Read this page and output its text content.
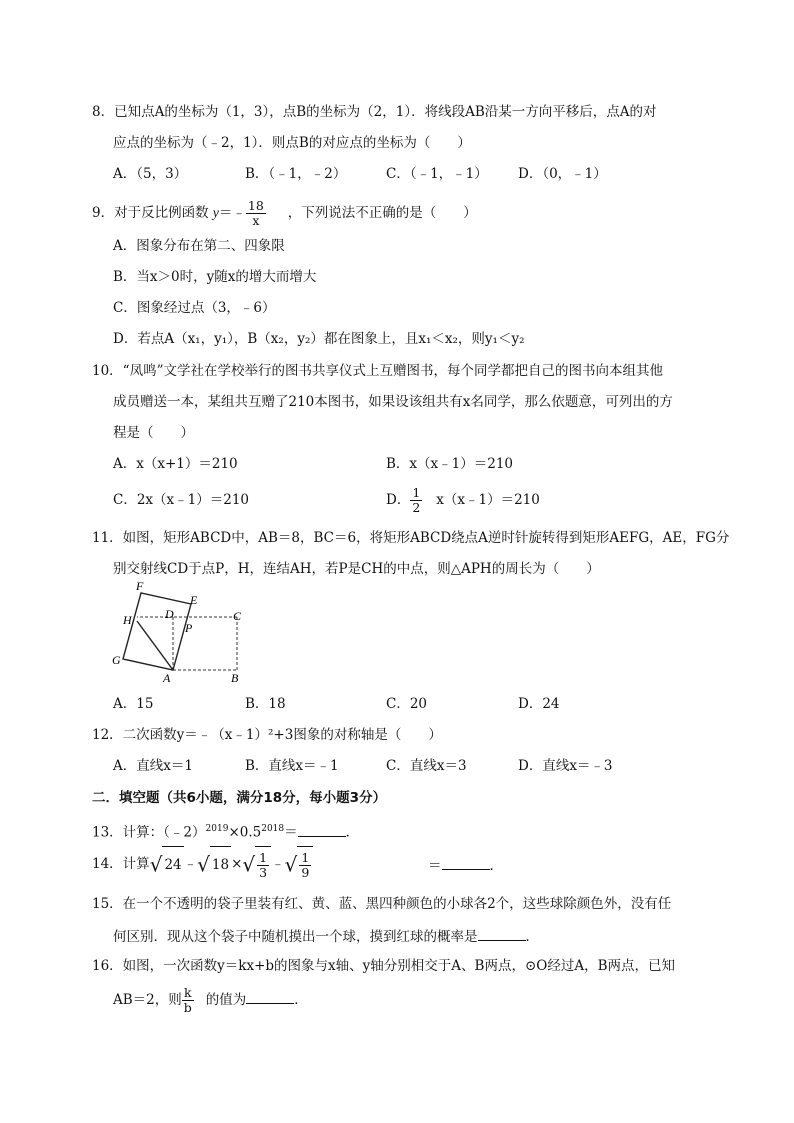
8．已知点A的坐标为（1，3），点B的坐标为（2，1）．将线段AB沿某一方向平移后，点A的对
应点的坐标为（﹣2，1）．则点B的对应点的坐标为（　　）
A．（5，3）	B．（﹣1，﹣2）	C．（﹣1，﹣1） D．（0，﹣1）
9．对于反比例函数 y＝﹣ $\frac{18}{x}$ ，下列说法不正确的是（　　）
A．图象分布在第二、四象限
B．当x＞0时，y随x的增大而增大
C．图象经过点（3，﹣6）
D．若点A（x₁，y₁），B（x₂，y₂）都在图象上，且x₁＜x₂，则y₁＜y₂
10．“凤鸣”文学社在学校举行的图书共享仪式上互赠图书，每个同学都把自己的图书向本组其他
成员赠送一本，某组共互赠了210本图书，如果设该组共有x名同学，那么依题意，可列出的方
程是（　　）
A．x（x+1）＝210	B．x（x﹣1）＝210
C．2x（x﹣1）＝210	D． $\frac{1}{2}$ x（x﹣1）＝210
11．如图，矩形ABCD中，AB＝8，BC＝6，将矩形ABCD绕点A逆时针旋转得到矩形AEFG，AE，FG分
别交射线CD于点P，H，连结AH，若P是CH的中点，则△APH的周长为（　　）
F
E
H	D	C
P
G
A	B
A．15	B．18	C．20	D．24
12．二次函数y＝﹣（x﹣1）²+3图象的对称轴是（　　）
A．直线x＝1	B．直线x＝﹣1	C．直线x＝3	D．直线x＝﹣3
二．填空题（共6小题，满分18分，每小题3分）
13．计算：$(﹣2)^{2019}\times 0.5^{2018}=$	．
14．计算√ 24 ﹣√ 18 ×√ $\frac{1}{3}$ ﹣√ $\frac{1}{9}$	＝	．
15．在一个不透明的袋子里装有红、黄、蓝、黑四种颜色的小球各2个，这些球除颜色外，没有任
何区别．现从这个袋子中随机摸出一个球，摸到红球的概率是	．
16．如图，一次函数y＝kx+b的图象与x轴、y轴分别相交于A、B两点，⊙O经过A，B两点，已知
AB＝2，则 $\frac{k}{b}$ 的值为	．
